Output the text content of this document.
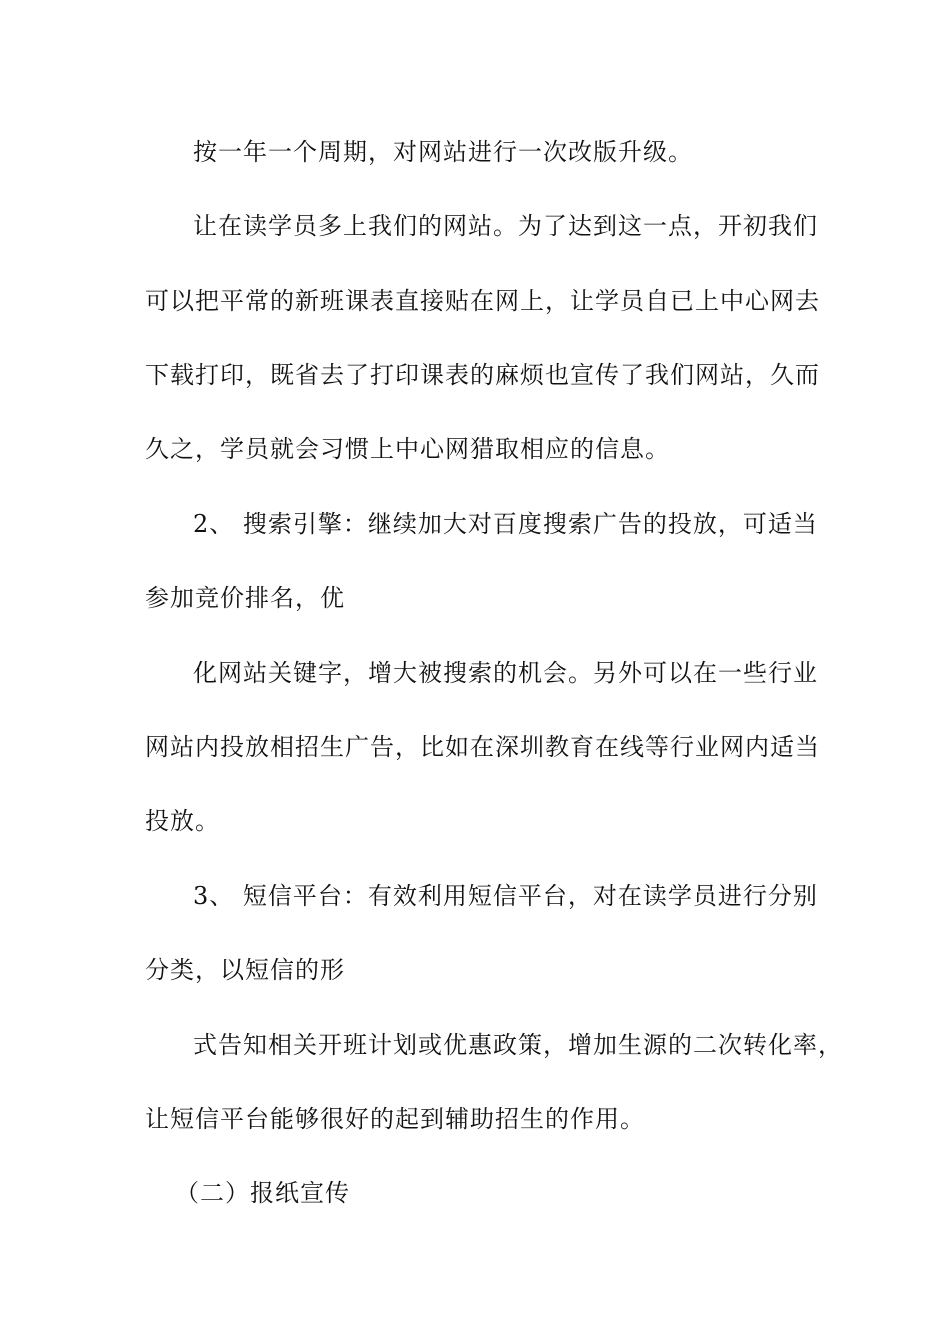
按一年一个周期，对网站进行一次改版升级。
让在读学员多上我们的网站。为了达到这一点，开初我们
可以把平常的新班课表直接贴在网上，让学员自已上中心网去
下载打印，既省去了打印课表的麻烦也宣传了我们网站，久而
久之，学员就会习惯上中心网猎取相应的信息。
2、 搜索引擎：继续加大对百度搜索广告的投放，可适当
参加竞价排名，优
化网站关键字，增大被搜索的机会。另外可以在一些行业
网站内投放相招生广告，比如在深圳教育在线等行业网内适当
投放。
3、 短信平台：有效利用短信平台，对在读学员进行分别
分类，以短信的形
式告知相关开班计划或优惠政策，增加生源的二次转化率，
让短信平台能够很好的起到辅助招生的作用。
（二）报纸宣传
